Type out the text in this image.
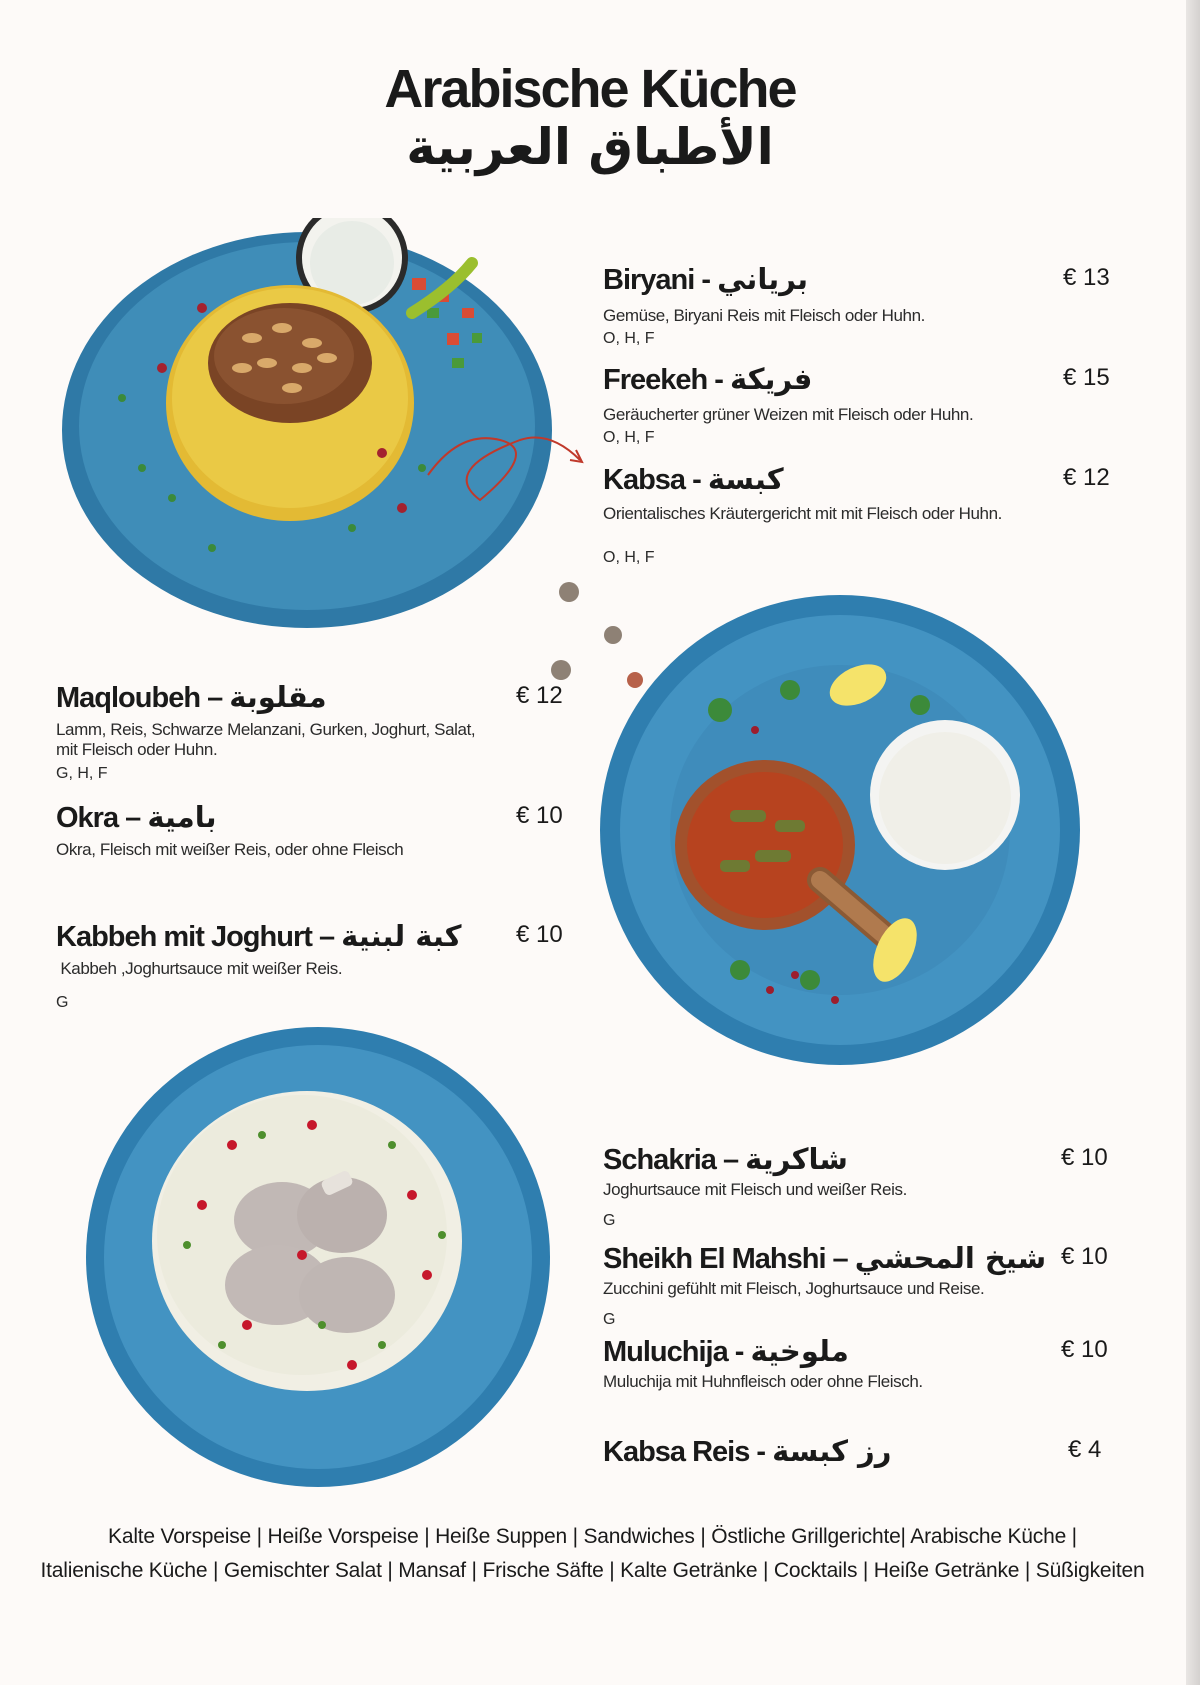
Arabische Küche
الأطباق العربية
Biryani - برياني	€ 13
Gemüse, Biryani Reis mit Fleisch oder Huhn.
O, H, F
Freekeh - فريكة	€ 15
Geräucherter grüner Weizen mit Fleisch oder Huhn.
O, H, F
Kabsa - كبسة	€ 12
Orientalisches Kräutergericht mit mit Fleisch oder Huhn.
O, H, F
Maqloubeh – مقلوبة	€ 12
Lamm, Reis, Schwarze Melanzani, Gurken, Joghurt, Salat, mit Fleisch oder Huhn.
G, H, F
Okra – بامية	€ 10
Okra, Fleisch mit weißer Reis, oder ohne Fleisch
Kabbeh mit Joghurt – كبة لبنية € 10
Kabbeh ,Joghurtsauce mit weißer Reis.
G
Schakria – شاكرية	€ 10
Joghurtsauce mit Fleisch und weißer Reis.
G
Sheikh El Mahshi – شيخ المحشي € 10
Zucchini gefühlt mit Fleisch, Joghurtsauce und Reise.
G
Muluchija - ملوخية	€ 10
Muluchija mit Huhnfleisch oder ohne Fleisch.
Kabsa Reis - رز كبسة	€ 4
Kalte Vorspeise | Heiße Vorspeise | Heiße Suppen | Sandwiches | Östliche Grillgerichte| Arabische Küche |
Italienische Küche | Gemischter Salat | Mansaf | Frische Säfte | Kalte Getränke | Cocktails | Heiße Getränke | Süßigkeiten
